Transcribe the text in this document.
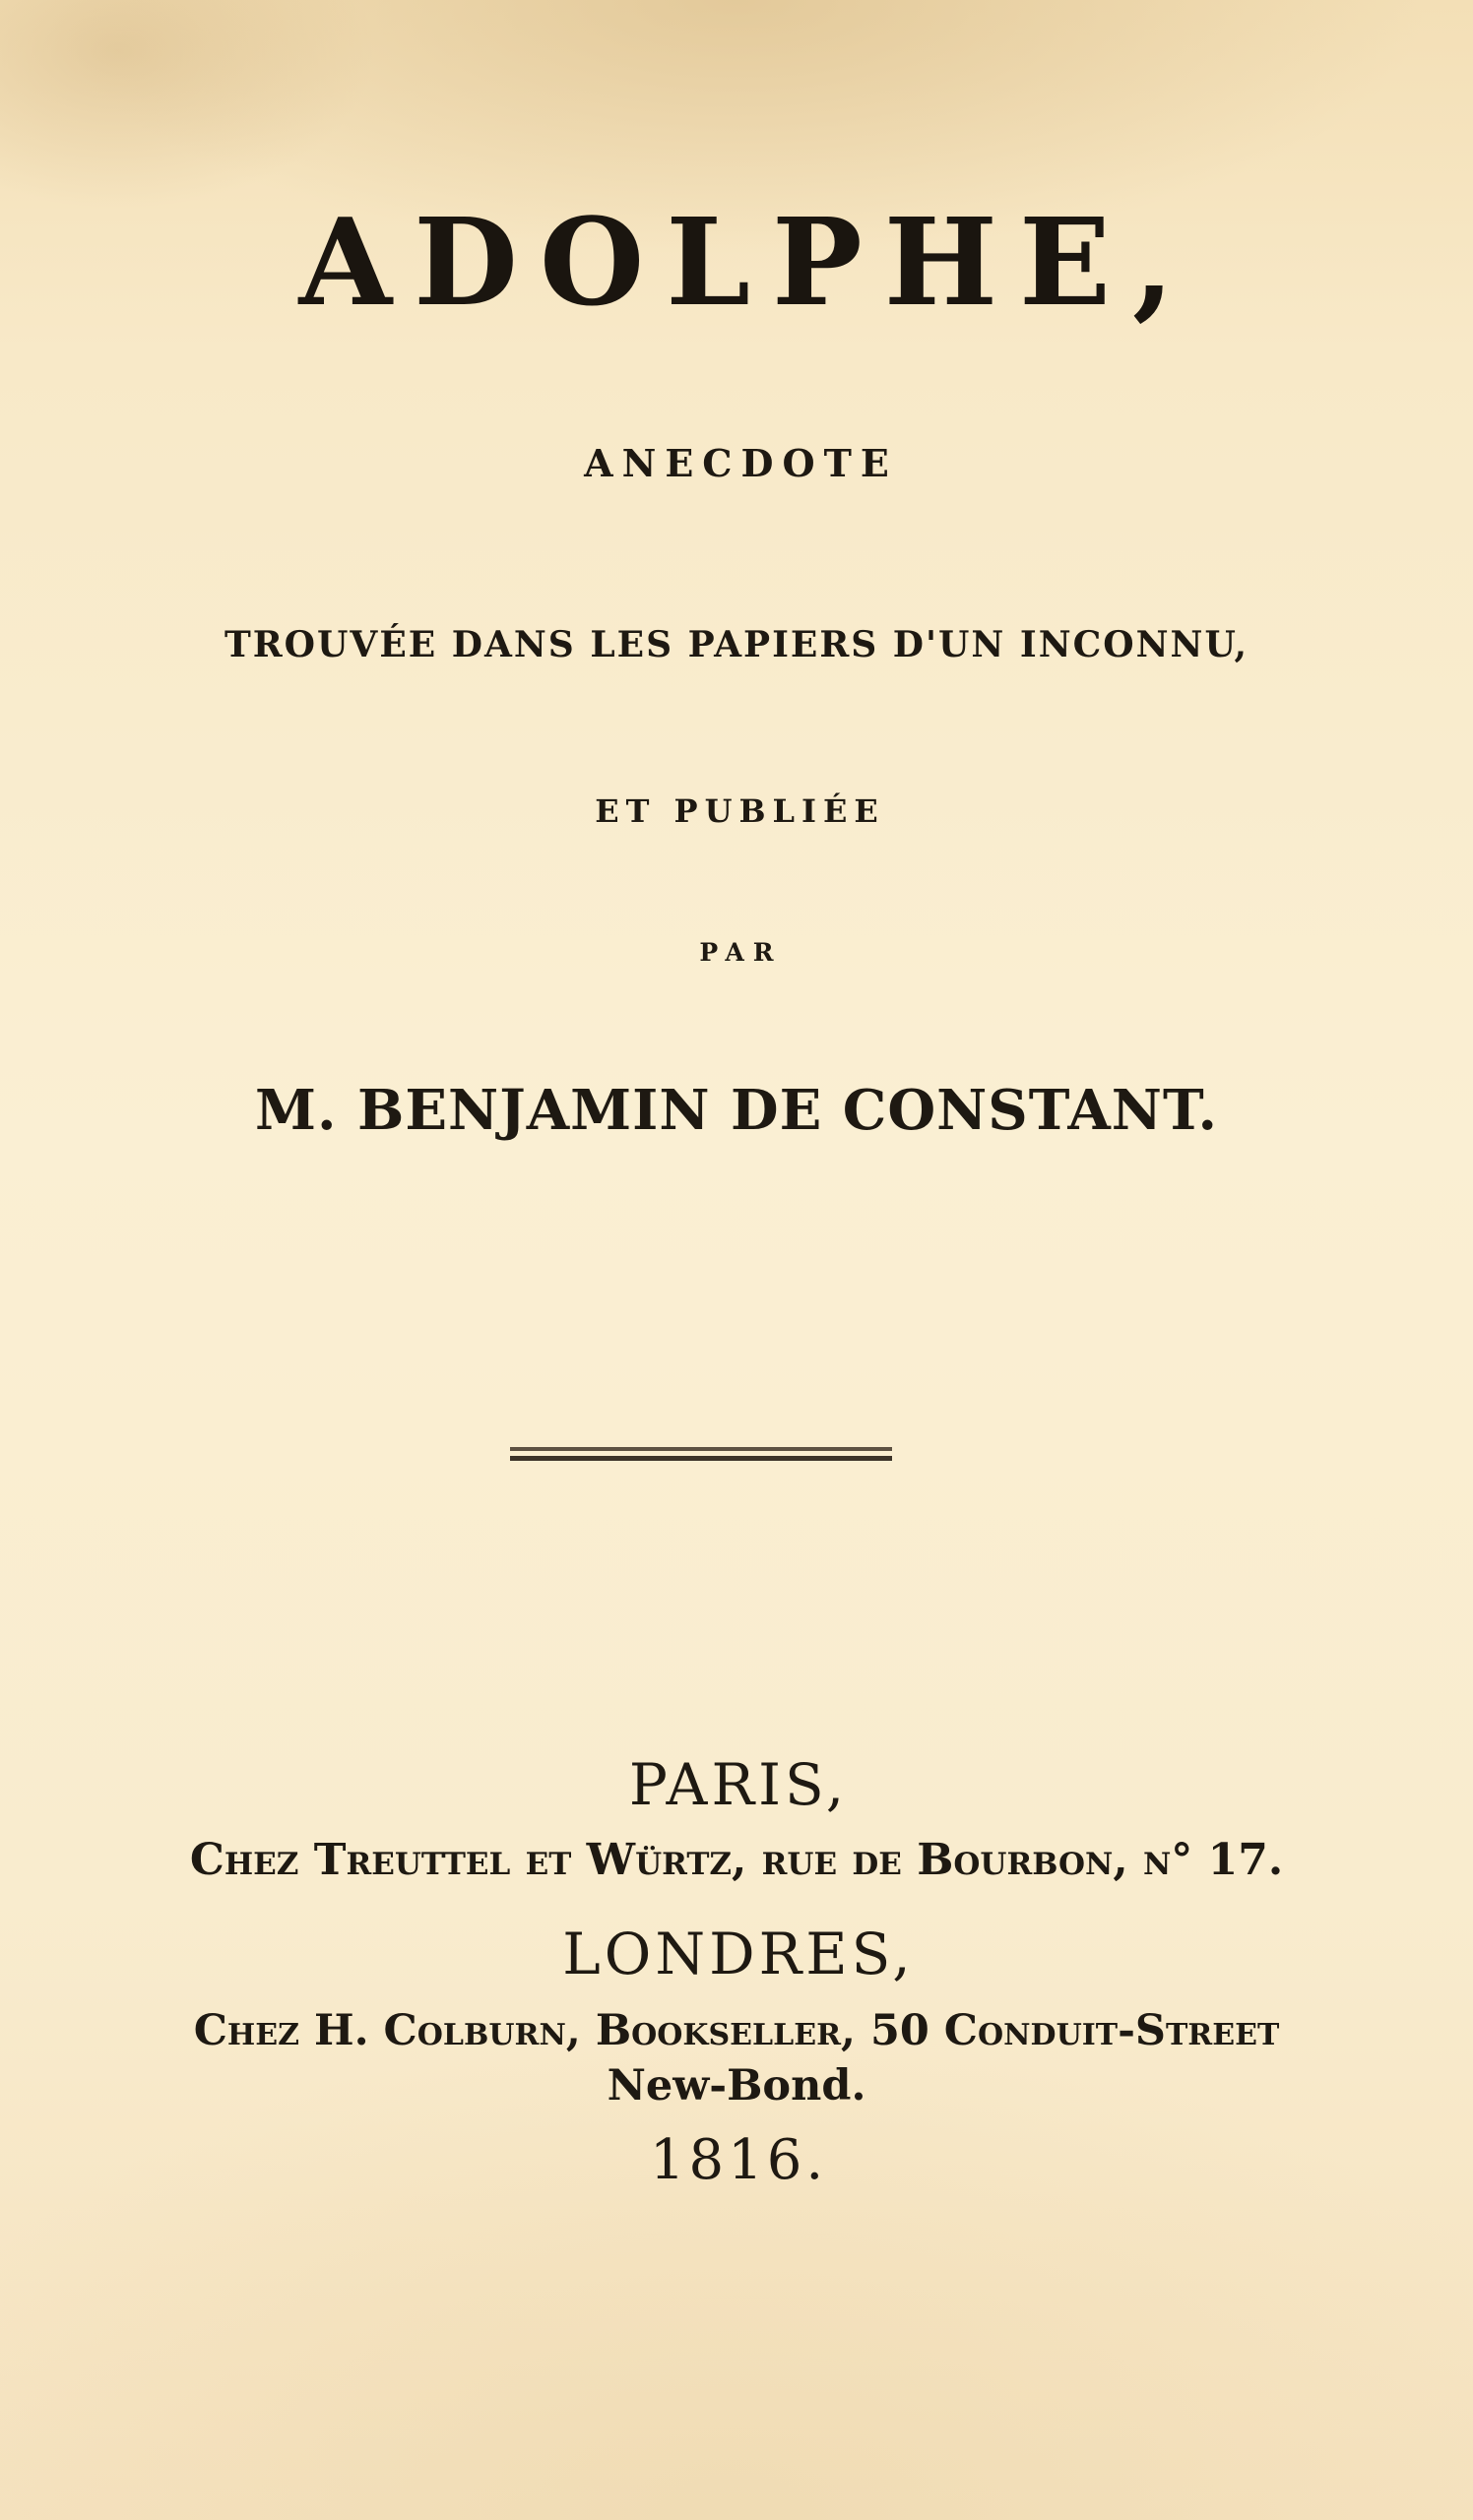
ADOLPHE,
ANECDOTE
TROUVÉE DANS LES PAPIERS D'UN INCONNU,
ET PUBLIÉE
PAR
M. BENJAMIN DE CONSTANT.
PARIS,
Chez Treuttel et Würtz, rue de Bourbon, n° 17.
LONDRES,
Chez H. Colburn, Bookseller, 50 Conduit-Street
New-Bond.
1816.
